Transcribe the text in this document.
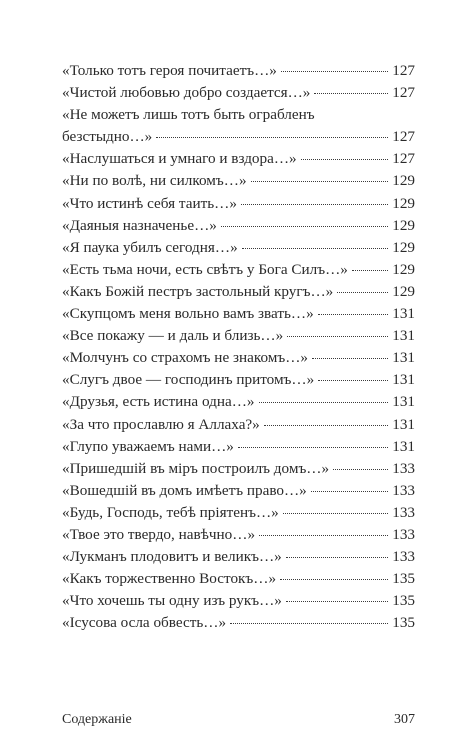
«Только тотъ героя почитаетъ…»	127
«Чистой любовью добро создается…»	127
«Не можетъ лишь тотъ быть ограбленъ
безстыдно…»	127
«Наслушаться и умнаго и вздора…»	127
«Ни по волѣ, ни силкомъ…»	129
«Что истинѣ себя таить…»	129
«Даяныя назначенье…»	129
«Я паука убилъ сегодня…»	129
«Есть тьма ночи, есть свѣтъ у Бога Силъ…»	129
«Какъ Божій пестръ застольный кругъ…»	129
«Скупцомъ меня вольно вамъ звать…»	131
«Все покажу — и даль и близь…»	131
«Молчунъ со страхомъ не знакомъ…»	131
«Слугъ двое — господинъ притомъ…»	131
«Друзья, есть истина одна…»	131
«За что прославлю я Аллаха?»	131
«Глупо уважаемъ нами…»	131
«Пришедшій въ міръ построилъ домъ…»	133
«Вошедшій въ домъ имѣетъ право…»	133
«Будь, Господь, тебѣ пріятенъ…»	133
«Твое это твердо, навѣчно…»	133
«Лукманъ плодовитъ и великъ…»	133
«Какъ торжественно Востокъ…»	135
«Что хочешь ты одну изъ рукъ…»	135
«Ісусова осла обвесть…»	135
Содержаніе	307
